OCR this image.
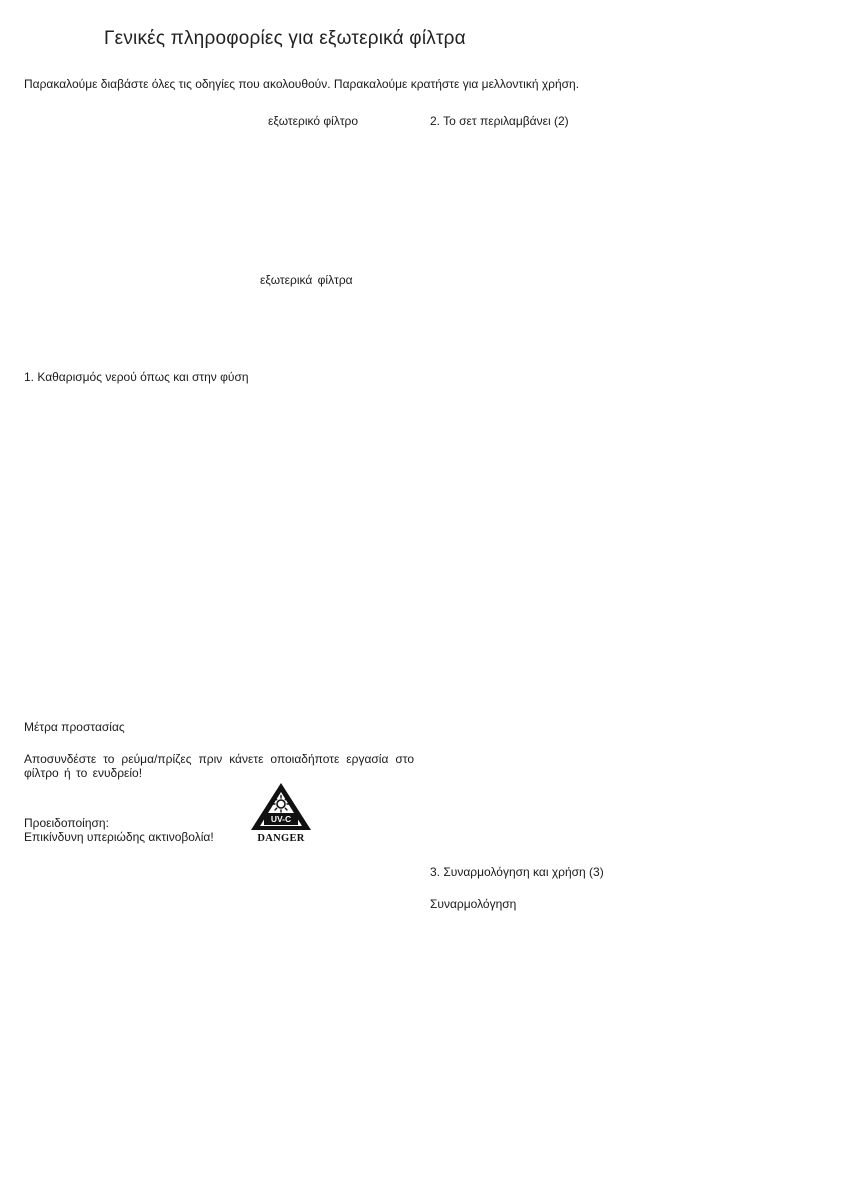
Γενικές πληροφορίες για εξωτερικά φίλτρα
Παρακαλούμε διαβάστε όλες τις οδηγίες που ακολουθούν. Παρακαλούμε κρατήστε για μελλοντική χρήση.
εξωτερικό φίλτρο	2. Το σετ περιλαμβάνει (2)
εξωτερικά φίλτρα
1. Καθαρισμός νερού όπως και στην φύση
Μέτρα προστασίας
Αποσυνδέστε το ρεύμα/πρίζες πριν κάνετε οποιαδήποτε εργασία στο φίλτρο ή το ενυδρείο!
Προειδοποίηση:
Επικίνδυνη υπεριώδης ακτινοβολία!
UV-C
DANGER
3. Συναρμολόγηση και χρήση (3)
Συναρμολόγηση
